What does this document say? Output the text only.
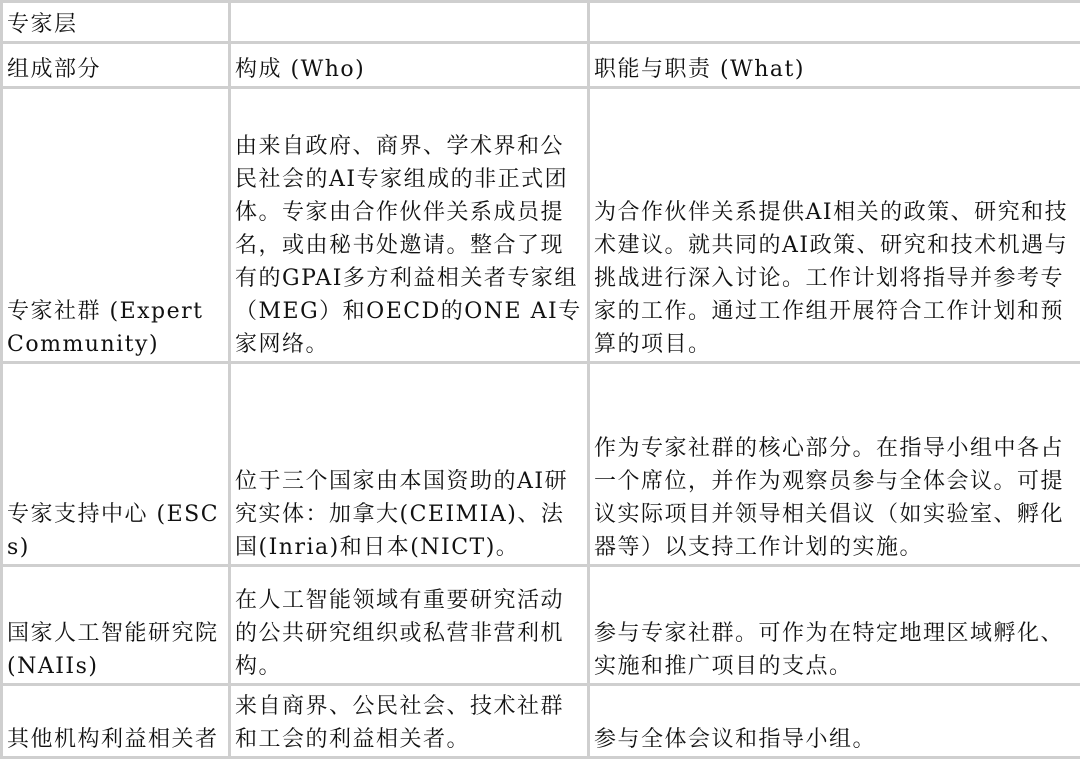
专家层		

组成部分	构成 (Who)	职能与职责 (What)

专家社群 (Expert Community)	由来自政府、商界、学术界和公民社会的AI专家组成的非正式团体。专家由合作伙伴关系成员提名，或由秘书处邀请。整合了现有的GPAI多方利益相关者专家组（MEG）和OECD的ONE AI专家网络。	为合作伙伴关系提供AI相关的政策、研究和技术建议。就共同的AI政策、研究和技术机遇与挑战进行深入讨论。工作计划将指导并参考专家的工作。通过工作组开展符合工作计划和预算的项目。

专家支持中心 (ESCs)	位于三个国家由本国资助的AI研究实体：加拿大(CEIMIA)、法国(Inria)和日本(NICT)。	作为专家社群的核心部分。在指导小组中各占一个席位，并作为观察员参与全体会议。可提议实际项目并领导相关倡议（如实验室、孵化器等）以支持工作计划的实施。

国家人工智能研究院 (NAIIs)	在人工智能领域有重要研究活动的公共研究组织或私营非营利机构。	参与专家社群。可作为在特定地理区域孵化、实施和推广项目的支点。

其他机构利益相关者	来自商界、公民社会、技术社群和工会的利益相关者。	参与全体会议和指导小组。
